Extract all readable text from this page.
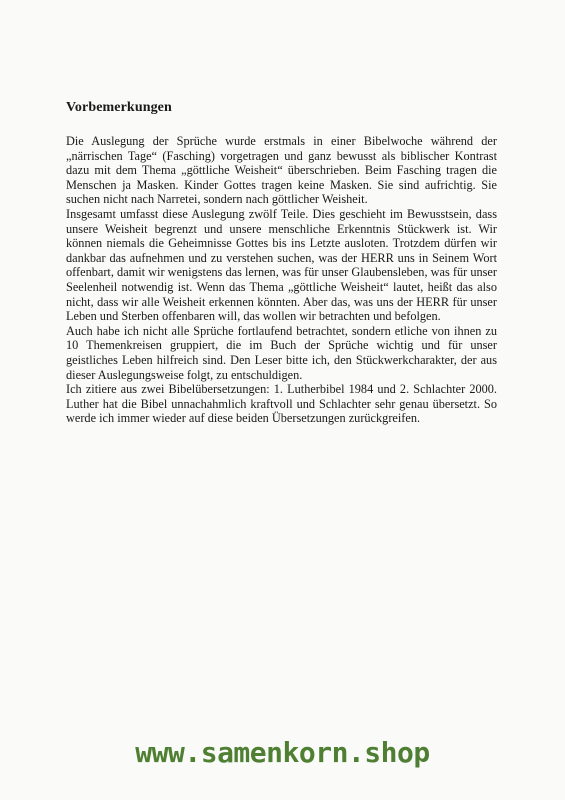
Vorbemerkungen

Die Auslegung der Sprüche wurde erstmals in einer Bibelwoche während der „närrischen Tage“ (Fasching) vorgetragen und ganz bewusst als biblischer Kontrast dazu mit dem Thema „göttliche Weisheit“ überschrieben. Beim Fasching tragen die Menschen ja Masken. Kinder Gottes tragen keine Masken. Sie sind aufrichtig. Sie suchen nicht nach Narretei, sondern nach göttlicher Weisheit.

Insgesamt umfasst diese Auslegung zwölf Teile. Dies geschieht im Bewusstsein, dass unsere Weisheit begrenzt und unsere menschliche Erkenntnis Stückwerk ist. Wir können niemals die Geheimnisse Gottes bis ins Letzte ausloten. Trotzdem dürfen wir dankbar das aufnehmen und zu verstehen suchen, was der HERR uns in Seinem Wort offenbart, damit wir wenigstens das lernen, was für unser Glaubensleben, was für unser Seelenheil notwendig ist. Wenn das Thema „göttliche Weisheit“ lautet, heißt das also nicht, dass wir alle Weisheit erkennen könnten. Aber das, was uns der HERR für unser Leben und Sterben offenbaren will, das wollen wir betrachten und befolgen.

Auch habe ich nicht alle Sprüche fortlaufend betrachtet, sondern etliche von ihnen zu 10 Themenkreisen gruppiert, die im Buch der Sprüche wichtig und für unser geistliches Leben hilfreich sind. Den Leser bitte ich, den Stückwerkcharakter, der aus dieser Auslegungsweise folgt, zu entschuldigen.

Ich zitiere aus zwei Bibelübersetzungen: 1. Lutherbibel 1984 und 2. Schlachter 2000. Luther hat die Bibel unnachahmlich kraftvoll und Schlachter sehr genau übersetzt. So werde ich immer wieder auf diese beiden Übersetzungen zurückgreifen.

www.samenkorn.shop
